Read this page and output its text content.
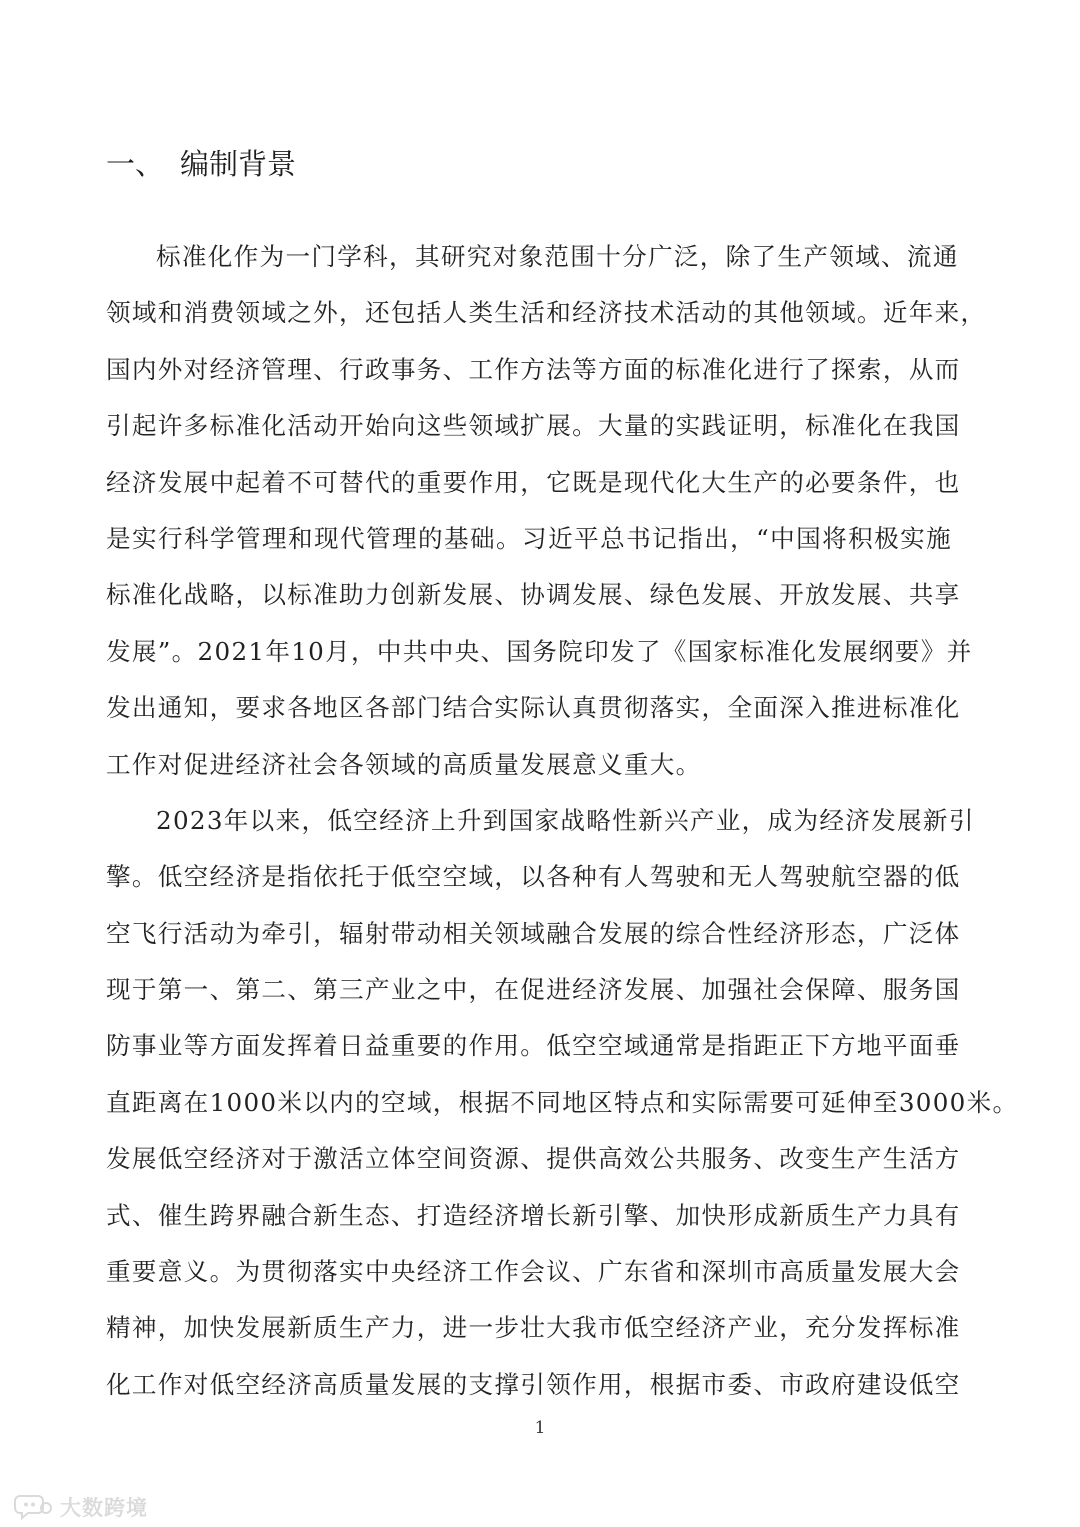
一、 编制背景
标准化作为一门学科，其研究对象范围十分广泛，除了生产领域、流通
领域和消费领域之外，还包括人类生活和经济技术活动的其他领域。近年来，
国内外对经济管理、行政事务、工作方法等方面的标准化进行了探索，从而
引起许多标准化活动开始向这些领域扩展。大量的实践证明，标准化在我国
经济发展中起着不可替代的重要作用，它既是现代化大生产的必要条件，也
是实行科学管理和现代管理的基础。习近平总书记指出，“中国将积极实施
标准化战略，以标准助力创新发展、协调发展、绿色发展、开放发展、共享
发展”。2021年10月，中共中央、国务院印发了《国家标准化发展纲要》并
发出通知，要求各地区各部门结合实际认真贯彻落实，全面深入推进标准化
工作对促进经济社会各领域的高质量发展意义重大。
2023年以来，低空经济上升到国家战略性新兴产业，成为经济发展新引
擎。低空经济是指依托于低空空域，以各种有人驾驶和无人驾驶航空器的低
空飞行活动为牵引，辐射带动相关领域融合发展的综合性经济形态，广泛体
现于第一、第二、第三产业之中，在促进经济发展、加强社会保障、服务国
防事业等方面发挥着日益重要的作用。低空空域通常是指距正下方地平面垂
直距离在1000米以内的空域，根据不同地区特点和实际需要可延伸至3000米。
发展低空经济对于激活立体空间资源、提供高效公共服务、改变生产生活方
式、催生跨界融合新生态、打造经济增长新引擎、加快形成新质生产力具有
重要意义。为贯彻落实中央经济工作会议、广东省和深圳市高质量发展大会
精神，加快发展新质生产力，进一步壮大我市低空经济产业，充分发挥标准
化工作对低空经济高质量发展的支撑引领作用，根据市委、市政府建设低空
1
大数跨境
